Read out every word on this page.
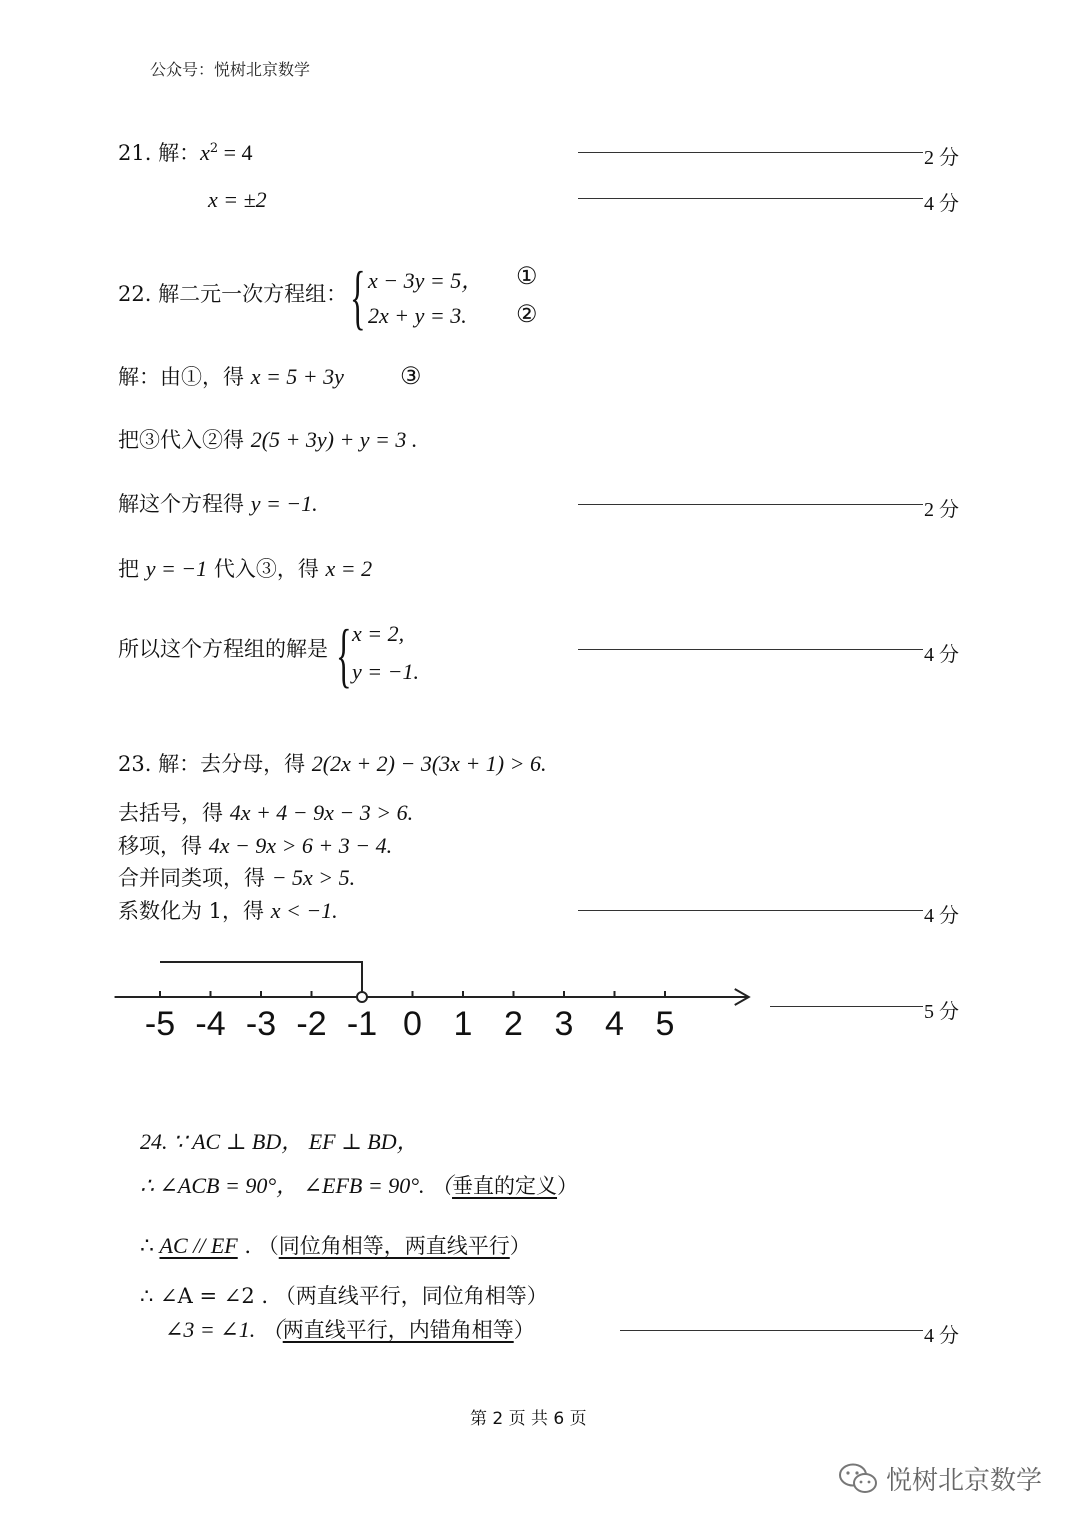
公众号：悦树北京数学
21. 解：$x^2 = 4$	2 分
x = ±2	4 分
22. 解二元一次方程组： { x − 3y = 5， ①
2x + y = 3. ②
解：由①，得 x = 5 + 3y ③
把③代入②得 2(5 + 3y) + y = 3 .
解这个方程得 y = −1.	2 分
把 y = −1 代入③，得 x = 2
所以这个方程组的解是 { x = 2,
y = −1.
4 分
23. 解：去分母，得 2(2x + 2) − 3(3x + 1) > 6.
去括号，得 4x + 4 − 9x − 3 > 6.
移项，得 4x − 9x > 6 + 3 − 4.
合并同类项，得 − 5x > 5.
系数化为 1，得 x < −1.	4 分
-5 -4 -3 -2 -1 0 1 2 3 4 5	5 分
24. ∵ AC ⊥ BD， EF ⊥ BD，
∴ ∠ACB = 90°， ∠EFB = 90°. （垂直的定义）
∴ AC // EF . （同位角相等，两直线平行）
∴ ∠A = ∠2 . （两直线平行，同位角相等）
∠3 = ∠1. （两直线平行，内错角相等）	4 分
第 2 页 共 6 页
悦树北京数学
